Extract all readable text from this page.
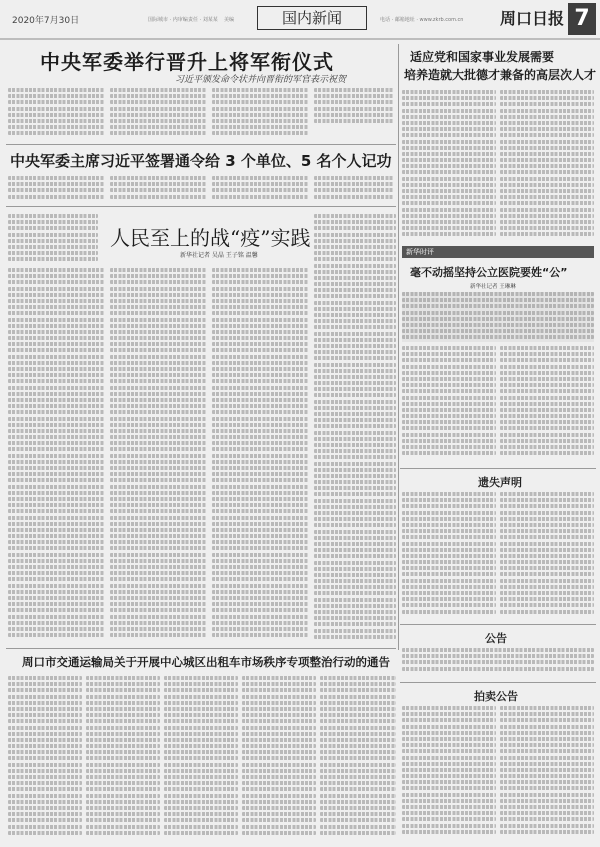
2020年7月30日	国际城市 · 内审编 责任 · 刘某某 美编	国内新闻	电话 · 邮箱地址 · www.zkrb.com.cn 周口日报 7
中央军委举行晋升上将军衔仪式
习近平颁发命令状并向晋衔的军官表示祝贺
中央军委主席习近平签署通令给 3 个单位、5 名个人记功
人民至上的战“疫”实践
新华社记者 吴晶 王子铭 温馨
适应党和国家事业发展需要
培养造就大批德才兼备的高层次人才
新华时评
毫不动摇坚持公立医院要姓“公”
新华社记者 王琳琳
遗失声明
公告
周口市交通运输局关于开展中心城区出租车市场秩序专项整治行动的通告
拍卖公告
